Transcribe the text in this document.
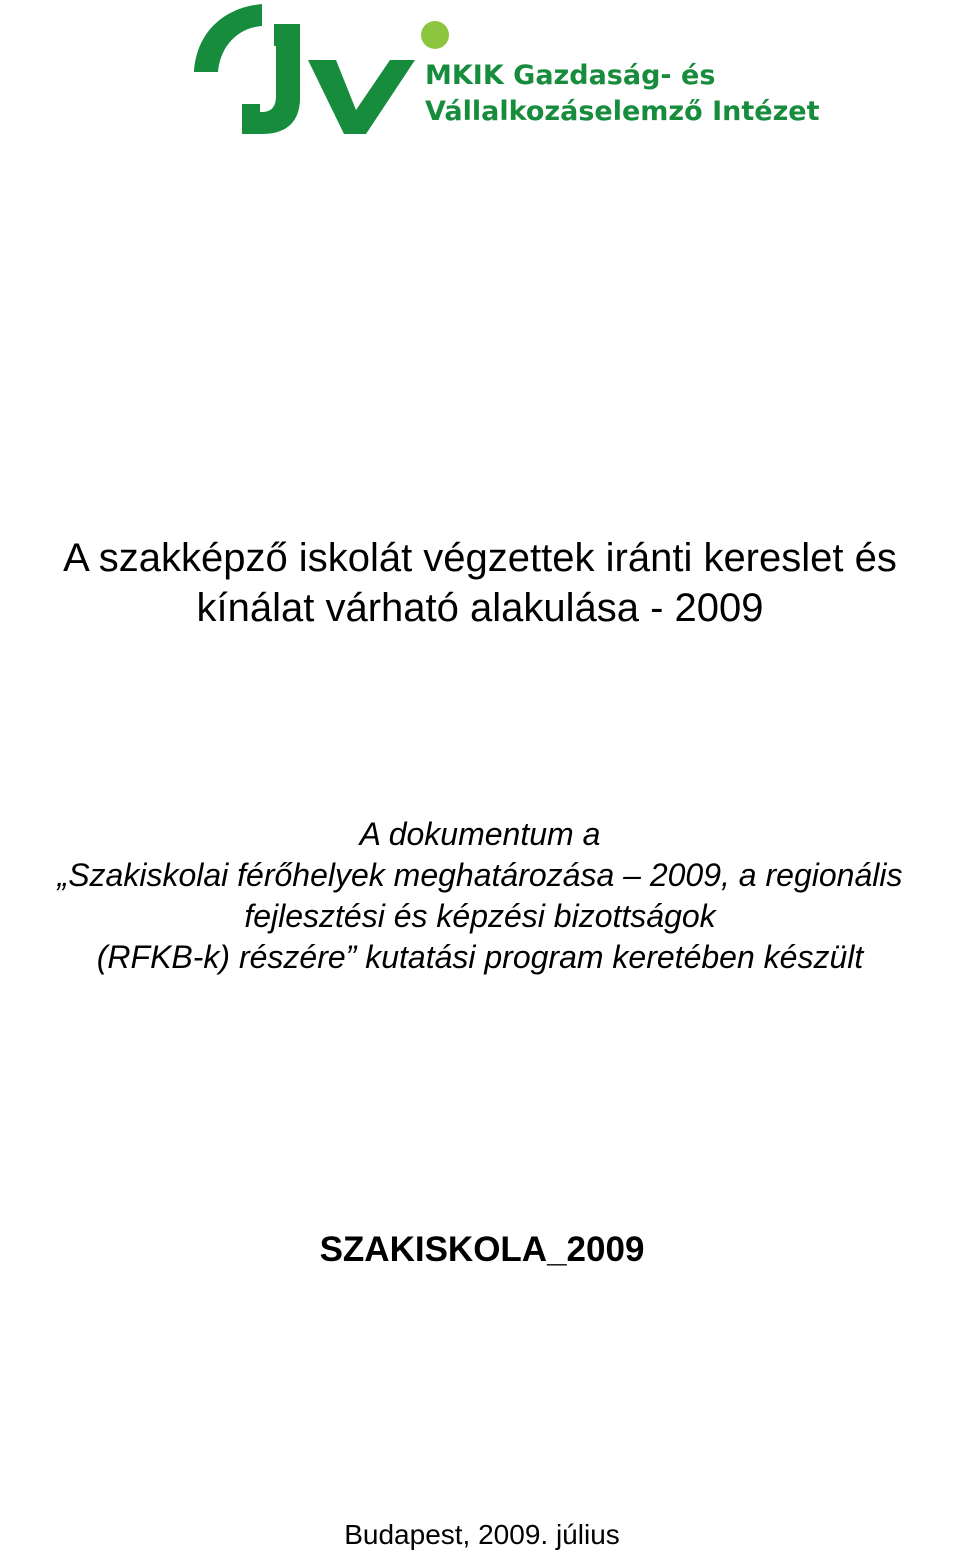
MKIK Gazdaság- és
Vállalkozáselemző Intézet
A szakképző iskolát végzettek iránti kereslet és
kínálat várható alakulása - 2009
A dokumentum a
„Szakiskolai férőhelyek meghatározása – 2009, a regionális
fejlesztési és képzési bizottságok
(RFKB-k) részére” kutatási program keretében készült
SZAKISKOLA_2009
Budapest, 2009. július
